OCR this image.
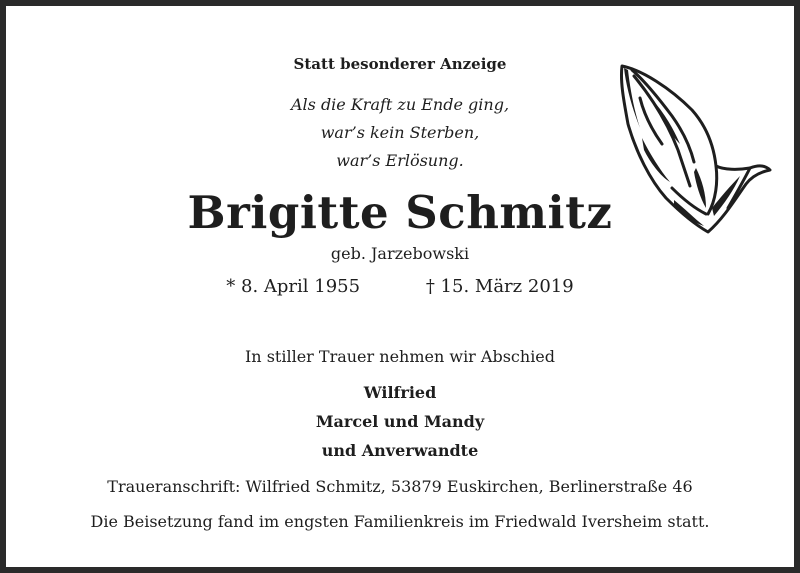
Statt besonderer Anzeige
Als die Kraft zu Ende ging,
war’s kein Sterben,
war’s Erlösung.
Brigitte Schmitz
geb. Jarzebowski
* 8. April 1955	† 15. März 2019
In stiller Trauer nehmen wir Abschied
Wilfried
Marcel und Mandy
und Anverwandte
Traueranschrift: Wilfried Schmitz, 53879 Euskirchen, Berlinerstraße 46
Die Beisetzung fand im engsten Familienkreis im Friedwald Iversheim statt.
